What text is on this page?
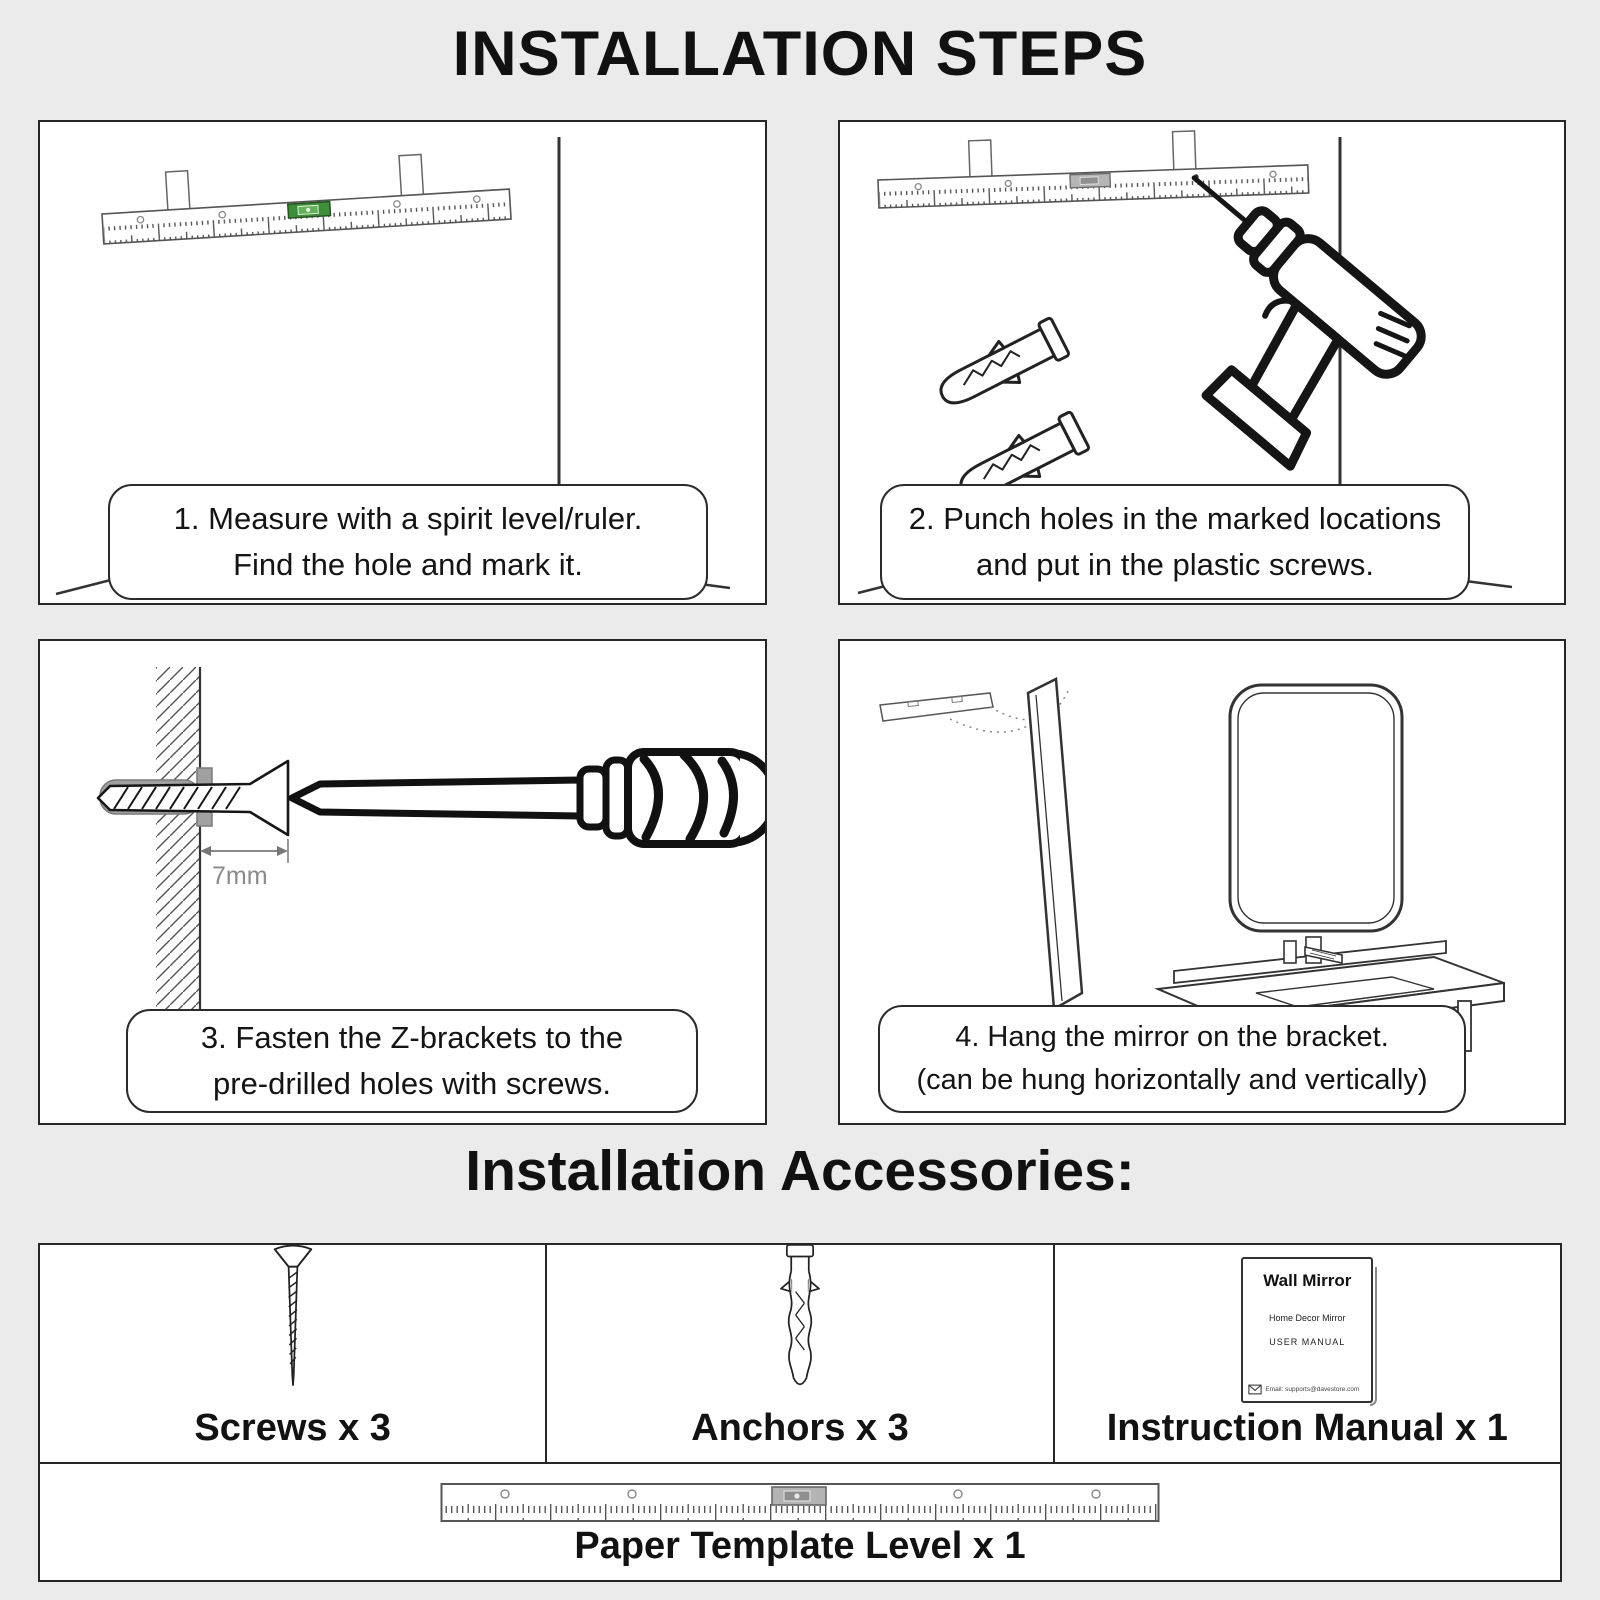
INSTALLATION STEPS
1. Measure with a spirit level/ruler.
Find the hole and mark it.
2. Punch holes in the marked locations
and put in the plastic screws.
7mm
3. Fasten the Z-brackets to the
pre-drilled holes with screws.
4. Hang the mirror on the bracket.
(can be hung horizontally and vertically)
Installation Accessories:
Screws x 3	Anchors x 3
Wall Mirror
Home Decor Mirror
USER MANUAL
Email: supports@davestore.com
Instruction Manual x 1
Paper Template Level x 1
